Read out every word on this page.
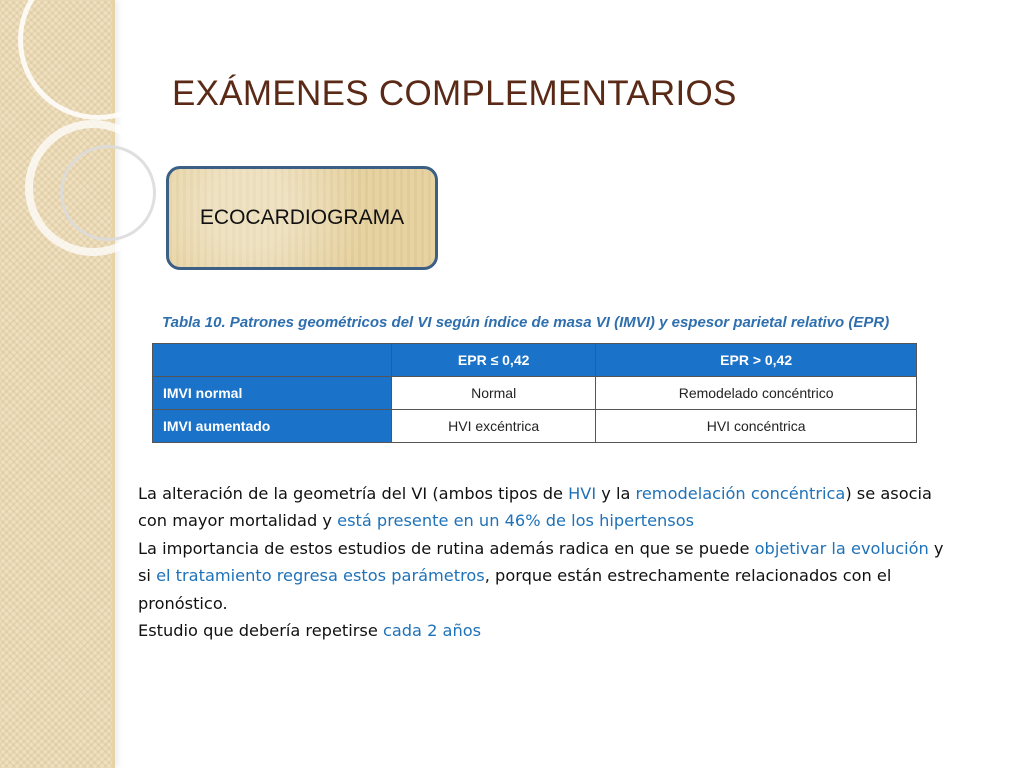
EXÁMENES COMPLEMENTARIOS
ECOCARDIOGRAMA
Tabla 10. Patrones geométricos del VI según índice de masa VI (IMVI) y espesor parietal relativo (EPR)
	EPR ≤ 0,42	EPR > 0,42
IMVI normal	Normal	Remodelado concéntrico
IMVI aumentado	HVI excéntrica	HVI concéntrica

La alteración de la geometría del VI (ambos tipos de HVI y la remodelación concéntrica) se asocia con mayor mortalidad y está presente en un 46% de los hipertensos

La importancia de estos estudios de rutina además radica en que se puede objetivar la evolución y si el tratamiento regresa estos parámetros, porque están estrechamente relacionados con el pronóstico.

Estudio que debería repetirse cada 2 años
